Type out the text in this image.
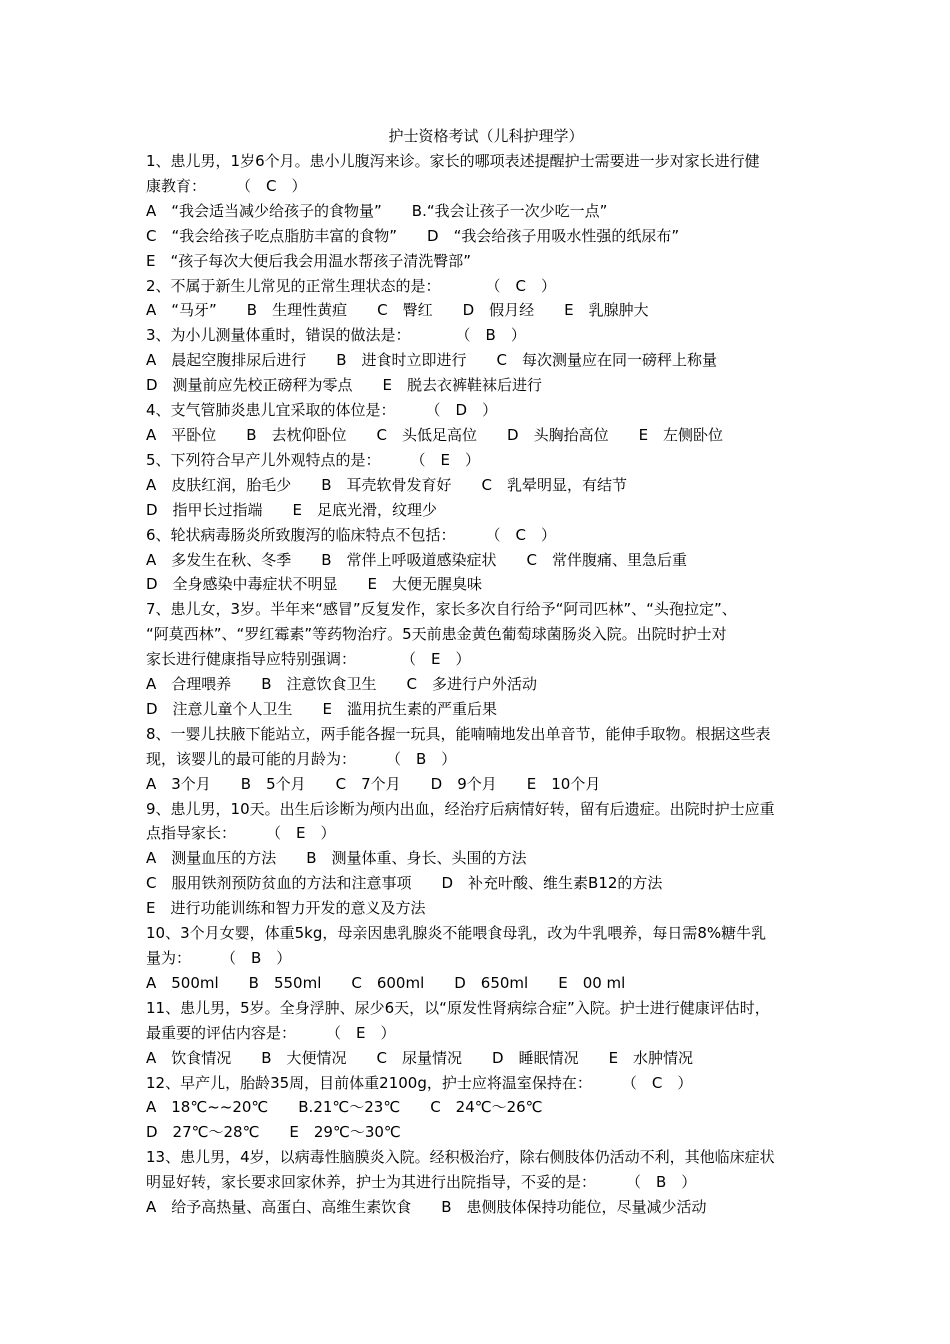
护士资格考试（儿科护理学）
1、患儿男，1岁6个月。患小儿腹泻来诊。家长的哪项表述提醒护士需要进一步对家长进行健
康教育：　　　（　C　）
A　“我会适当减少给孩子的食物量”　　B.“我会让孩子一次少吃一点”
C　“我会给孩子吃点脂肪丰富的食物”　　D　“我会给孩子用吸水性强的纸尿布”
E　“孩子每次大便后我会用温水帮孩子清洗臀部”
2、不属于新生儿常见的正常生理状态的是：　　　　（　C　）
A　“马牙”　　B　生理性黄疸　　C　臀红　　D　假月经　　E　乳腺肿大
3、为小儿测量体重时，错误的做法是：　　　　（　B　）
A　晨起空腹排尿后进行　　B　进食时立即进行　　C　每次测量应在同一磅秤上称量
D　测量前应先校正磅秤为零点　　E　脱去衣裤鞋袜后进行
4、支气管肺炎患儿宜采取的体位是：　　　（　D　）
A　平卧位　　B　去枕仰卧位　　C　头低足高位　　D　头胸抬高位　　E　左侧卧位
5、下列符合早产儿外观特点的是：　　　（　E　）
A　皮肤红润，胎毛少　　B　耳壳软骨发育好　　C　乳晕明显，有结节
D　指甲长过指端　　E　足底光滑，纹理少
6、轮状病毒肠炎所致腹泻的临床特点不包括：　　　（　C　）
A　多发生在秋、冬季　　B　常伴上呼吸道感染症状　　C　常伴腹痛、里急后重
D　全身感染中毒症状不明显　　E　大便无腥臭味
7、患儿女，3岁。半年来“感冒”反复发作，家长多次自行给予“阿司匹林”、“头孢拉定”、
“阿莫西林”、“罗红霉素”等药物治疗。5天前患金黄色葡萄球菌肠炎入院。出院时护士对
家长进行健康指导应特别强调：　　　　（　E　）
A　合理喂养　　B　注意饮食卫生　　C　多进行户外活动
D　注意儿童个人卫生　　E　滥用抗生素的严重后果
8、一婴儿扶腋下能站立，两手能各握一玩具，能喃喃地发出单音节，能伸手取物。根据这些表
现，该婴儿的最可能的月龄为：　　　（　B　）
A　3个月　　B　5个月　　C　7个月　　D　9个月　　E　10个月
9、患儿男，10天。出生后诊断为颅内出血，经治疗后病情好转，留有后遗症。出院时护士应重
点指导家长：　　　（　E　）
A　测量血压的方法　　B　测量体重、身长、头围的方法
C　服用铁剂预防贫血的方法和注意事项　　D　补充叶酸、维生素B12的方法
E　进行功能训练和智力开发的意义及方法
10、3个月女婴，体重5kg，母亲因患乳腺炎不能喂食母乳，改为牛乳喂养，每日需8%糖牛乳
量为：　　　（　B　）
A　500ml　　B　550ml　　C　600ml　　D　650ml　　E　00 ml
11、患儿男，5岁。全身浮肿、尿少6天，以“原发性肾病综合症”入院。护士进行健康评估时，
最重要的评估内容是：　　　（　E　）
A　饮食情况　　B　大便情况　　C　尿量情况　　D　睡眠情况　　E　水肿情况
12、早产儿，胎龄35周，目前体重2100g，护士应将温室保持在：　　　（　C　）
A　18℃~~20℃　　B.21℃～23℃　　C　24℃～26℃
D　27℃～28℃　　E　29℃～30℃
13、患儿男，4岁，以病毒性脑膜炎入院。经积极治疗，除右侧肢体仍活动不利，其他临床症状
明显好转，家长要求回家休养，护士为其进行出院指导，不妥的是：　　　（　B　）
A　给予高热量、高蛋白、高维生素饮食　　B　患侧肢体保持功能位，尽量减少活动
